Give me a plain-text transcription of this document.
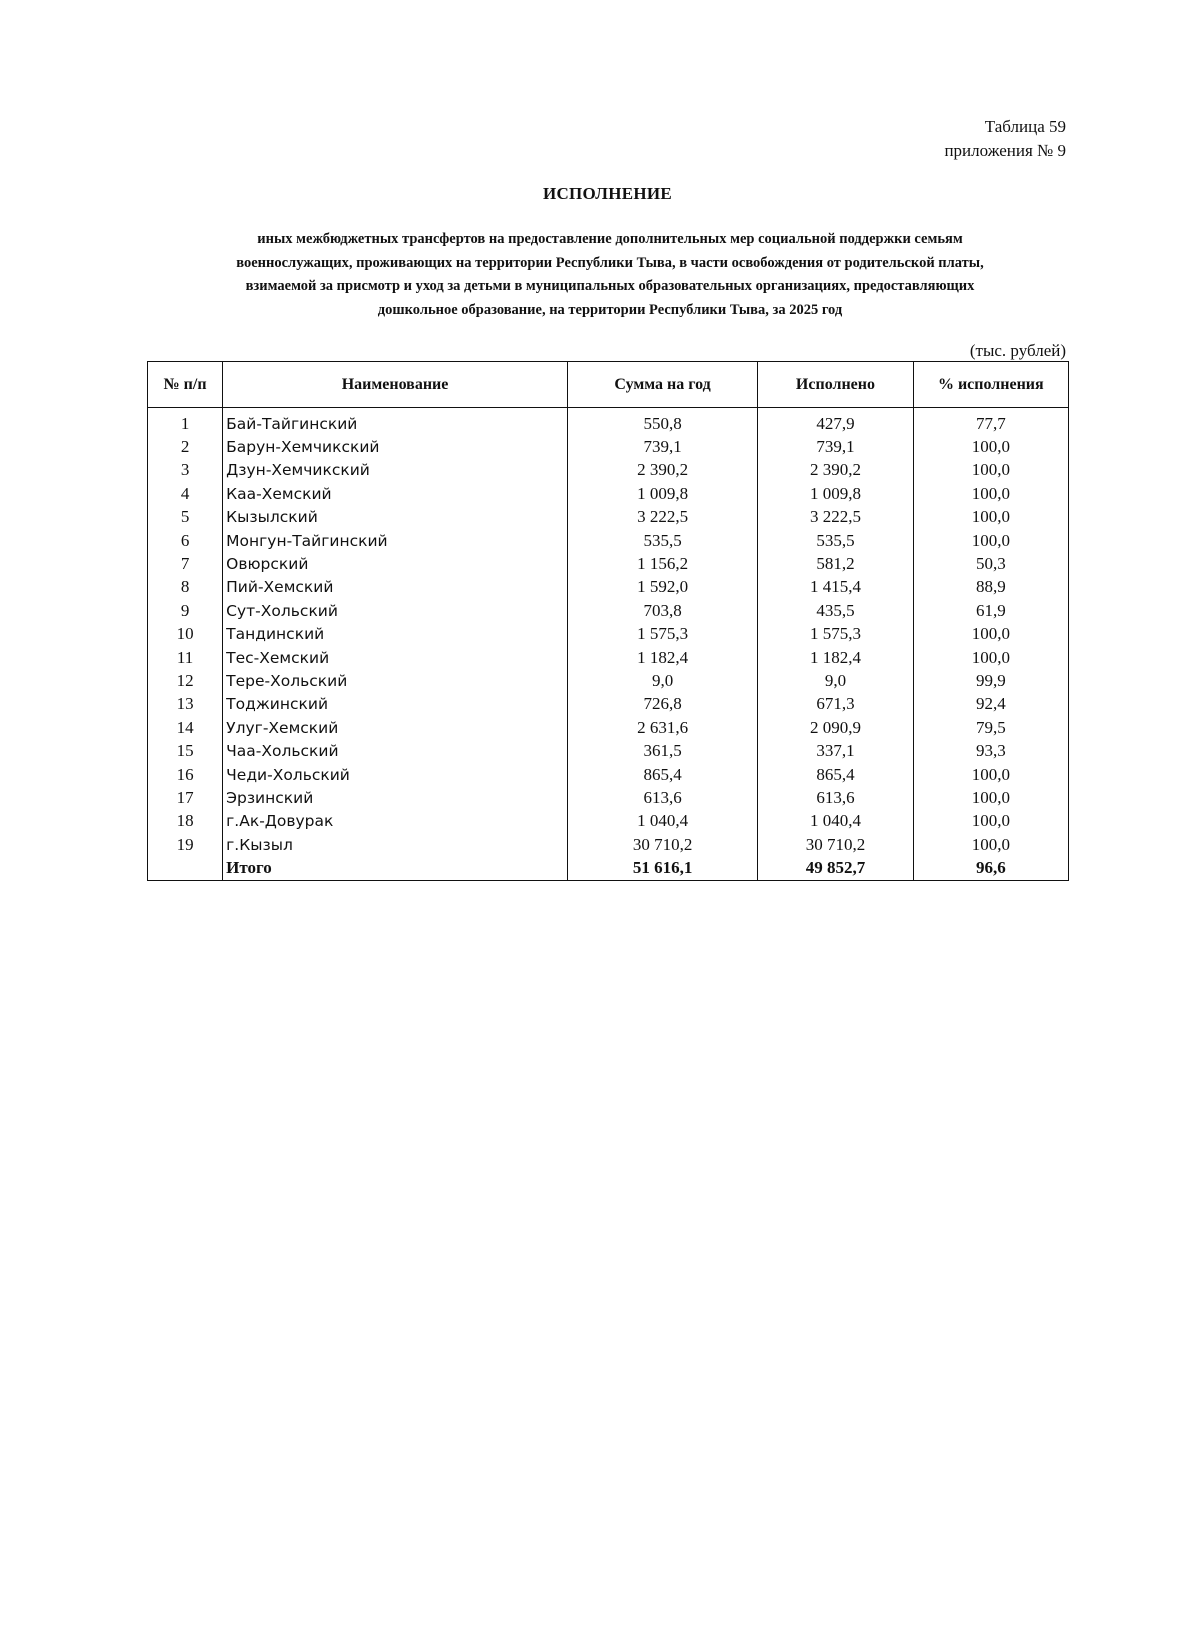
Таблица 59
приложения № 9
ИСПОЛНЕНИЕ
иных межбюджетных трансфертов на предоставление дополнительных мер социальной поддержки семьям
военнослужащих, проживающих на территории Республики Тыва, в части освобождения от родительской платы,
взимаемой за присмотр и уход за детьми в муниципальных образовательных организациях, предоставляющих
дошкольное образование, на территории Республики Тыва, за 2025 год
(тыс. рублей)
№ п/п	Наименование	Сумма на год	Исполнено	% исполнения
1	Бай-Тайгинский	550,8	427,9	77,7
2	Барун-Хемчикский	739,1	739,1	100,0
3	Дзун-Хемчикский	2 390,2	2 390,2	100,0
4	Каа-Хемский	1 009,8	1 009,8	100,0
5	Кызылский	3 222,5	3 222,5	100,0
6	Монгун-Тайгинский	535,5	535,5	100,0
7	Овюрский	1 156,2	581,2	50,3
8	Пий-Хемский	1 592,0	1 415,4	88,9
9	Сут-Хольский	703,8	435,5	61,9
10	Тандинский	1 575,3	1 575,3	100,0
11	Тес-Хемский	1 182,4	1 182,4	100,0
12	Тере-Хольский	9,0	9,0	99,9
13	Тоджинский	726,8	671,3	92,4
14	Улуг-Хемский	2 631,6	2 090,9	79,5
15	Чаа-Хольский	361,5	337,1	93,3
16	Чеди-Хольский	865,4	865,4	100,0
17	Эрзинский	613,6	613,6	100,0
18	г.Ак-Довурак	1 040,4	1 040,4	100,0
19	г.Кызыл	30 710,2	30 710,2	100,0
	Итого	51 616,1	49 852,7	96,6
